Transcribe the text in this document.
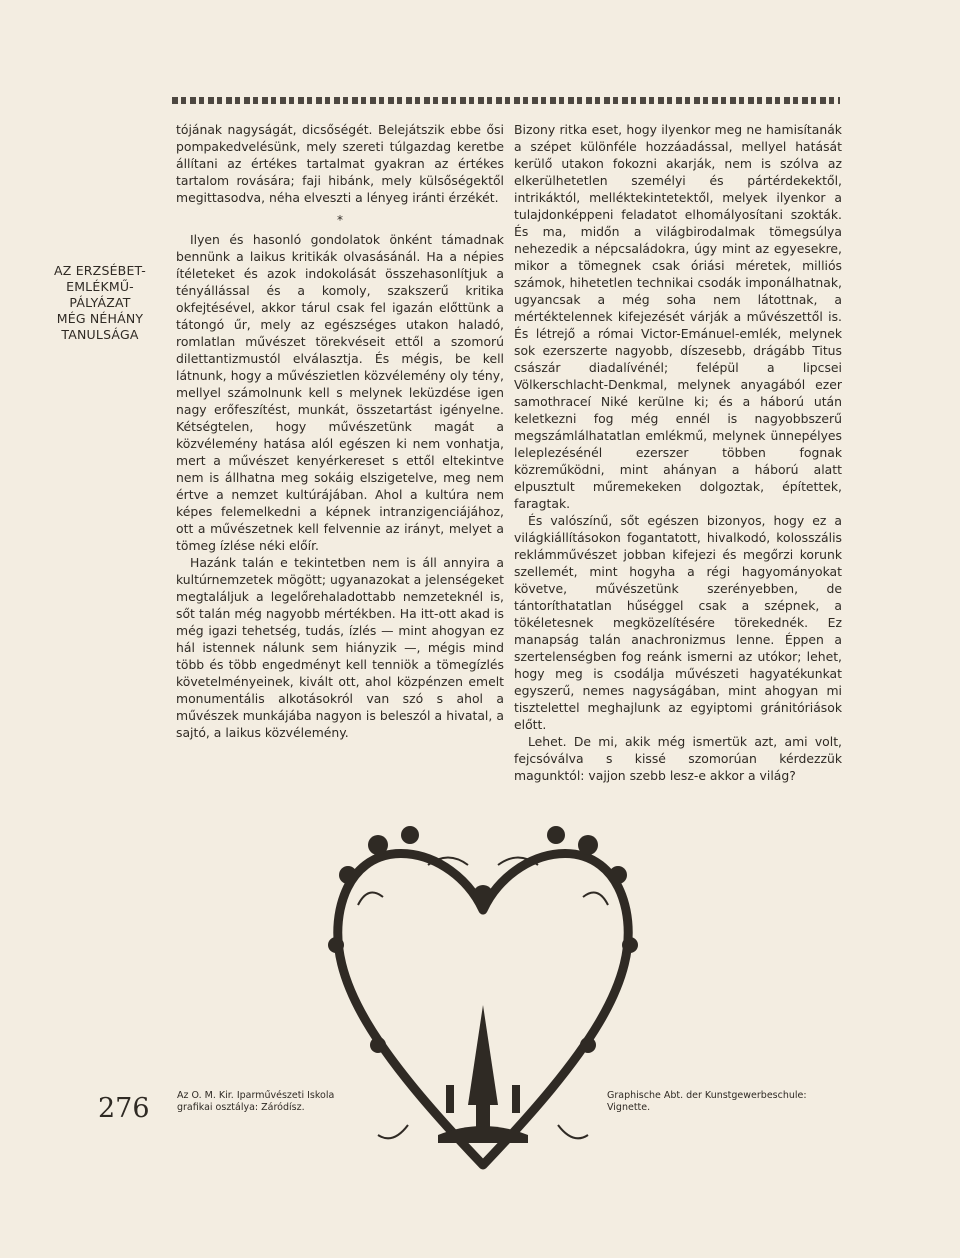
AZ ERZSÉBET-
EMLÉKMŰ-
PÁLYÁZAT
MÉG NÉHÁNY
TANULSÁGA

tójának nagyságát, dicsőségét. Belejátszik ebbe ősi pompakedvelésünk, mely szereti túlgazdag keretbe állítani az értékes tartalmat gyakran az értékes tartalom rovására; faji hibánk, mely külsőségektől megittasodva, néha elveszti a lényeg iránti érzékét.

*

Ilyen és hasonló gondolatok önként támadnak bennünk a laikus kritikák olvasásánál. Ha a népies ítéleteket és azok indokolását összehasonlítjuk a tényállással és a komoly, szakszerű kritika okfejtésével, akkor tárul csak fel igazán előttünk a tátongó űr, mely az egészséges utakon haladó, romlatlan művészet törekvéseit ettől a szomorú dilettantizmustól elválasztja. És mégis, be kell látnunk, hogy a művészietlen közvélemény oly tény, mellyel számolnunk kell s melynek leküzdése igen nagy erőfeszítést, munkát, összetartást igényelne. Kétségtelen, hogy művészetünk magát a közvélemény hatása alól egészen ki nem vonhatja, mert a művészet kenyérkereset s ettől eltekintve nem is állhatna meg sokáig elszigetelve, meg nem értve a nemzet kultúrájában. Ahol a kultúra nem képes felemelkedni a képnek intranzigenciájához, ott a művészetnek kell felvennie az irányt, melyet a tömeg ízlése néki előír.

Hazánk talán e tekintetben nem is áll annyira a kultúrnemzetek mögött; ugyanazokat a jelenségeket megtaláljuk a legelőrehaladottabb nemzeteknél is, sőt talán még nagyobb mértékben. Ha itt-ott akad is még igazi tehetség, tudás, ízlés — mint ahogyan ez hál istennek nálunk sem hiányzik —, mégis mind több és több engedményt kell tenniök a tömegízlés követelményeinek, kivált ott, ahol közpénzen emelt monumentális alkotásokról van szó s ahol a művészek munkájába nagyon is beleszól a hivatal, a sajtó, a laikus közvélemény.

Bizony ritka eset, hogy ilyenkor meg ne hamisítanák a szépet különféle hozzáadással, mellyel hatását kerülő utakon fokozni akarják, nem is szólva az elkerülhetetlen személyi és pártérdekektől, intrikáktól, melléktekintetektől, melyek ilyenkor a tulajdonképpeni feladatot elhomályosítani szokták. És ma, midőn a világbirodalmak tömegsúlya nehezedik a népcsaládokra, úgy mint az egyesekre, mikor a tömegnek csak óriási méretek, milliós számok, hihetetlen technikai csodák imponálhatnak, ugyancsak a még soha nem látottnak, a mértéktelennek kifejezését várják a művészettől is. És létrejő a római Victor-Emánuel-emlék, melynek sok ezerszerte nagyobb, díszesebb, drágább Titus császár diadalívénél; felépül a lipcsei Völkerschlacht-Denkmal, melynek anyagából ezer samothraceí Niké kerülne ki; és a háború után keletkezni fog még ennél is nagyobbszerű megszámlálhatatlan emlékmű, melynek ünnepélyes leleplezésénél ezerszer többen fognak közreműködni, mint ahányan a háború alatt elpusztult műremekeken dolgoztak, építettek, faragtak.

És valószínű, sőt egészen bizonyos, hogy ez a világkiállításokon fogantatott, hivalkodó, kolosszális reklámművészet jobban kifejezi és megőrzi korunk szellemét, mint hogyha a régi hagyományokat követve, művészetünk szerényebben, de tántoríthatatlan hűséggel csak a szépnek, a tökéletesnek megközelítésére törekednék. Ez manapság talán anachronizmus lenne. Éppen a szertelenségben fog reánk ismerni az utókor; lehet, hogy meg is csodálja művészeti hagyatékunkat egyszerű, nemes nagyságában, mint ahogyan mi tisztelettel meghajlunk az egyiptomi gránitóriások előtt.

Lehet. De mi, akik még ismertük azt, ami volt, fejcsóválva s kissé szomorúan kérdezzük magunktól: vajjon szebb lesz-e akkor a világ?

276	Az O. M. Kir. Iparművészeti Iskola grafikai osztálya: Záródísz.
Graphische Abt. der Kunstgewerbeschule: Vignette.
